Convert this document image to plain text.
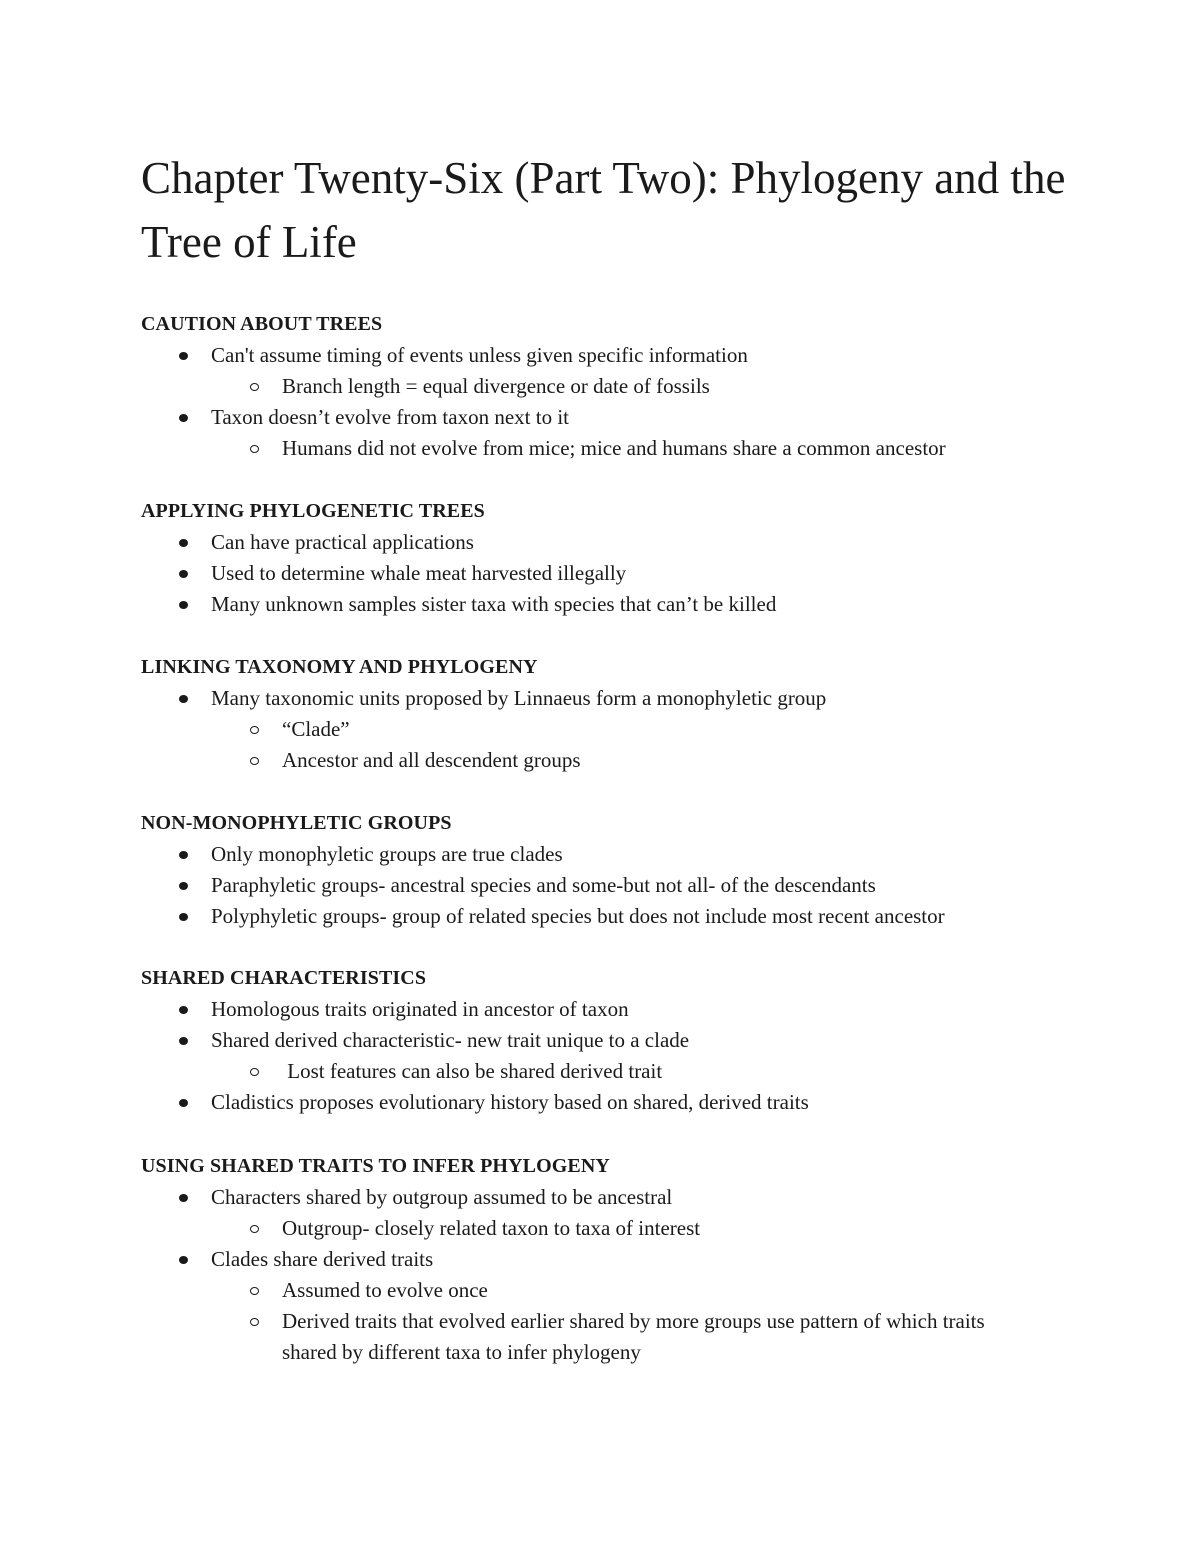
Chapter Twenty-Six (Part Two): Phylogeny and the Tree of Life
CAUTION ABOUT TREES
Can't assume timing of events unless given specific information
Branch length = equal divergence or date of fossils
Taxon doesn’t evolve from taxon next to it
Humans did not evolve from mice; mice and humans share a common ancestor
APPLYING PHYLOGENETIC TREES
Can have practical applications
Used to determine whale meat harvested illegally
Many unknown samples sister taxa with species that can’t be killed
LINKING TAXONOMY AND PHYLOGENY
Many taxonomic units proposed by Linnaeus form a monophyletic group
“Clade”
Ancestor and all descendent groups
NON-MONOPHYLETIC GROUPS
Only monophyletic groups are true clades
Paraphyletic groups- ancestral species and some-but not all- of the descendants
Polyphyletic groups- group of related species but does not include most recent ancestor
SHARED CHARACTERISTICS
Homologous traits originated in ancestor of taxon
Shared derived characteristic- new trait unique to a clade
Lost features can also be shared derived trait
Cladistics proposes evolutionary history based on shared, derived traits
USING SHARED TRAITS TO INFER PHYLOGENY
Characters shared by outgroup assumed to be ancestral
Outgroup- closely related taxon to taxa of interest
Clades share derived traits
Assumed to evolve once
Derived traits that evolved earlier shared by more groups use pattern of which traits shared by different taxa to infer phylogeny
